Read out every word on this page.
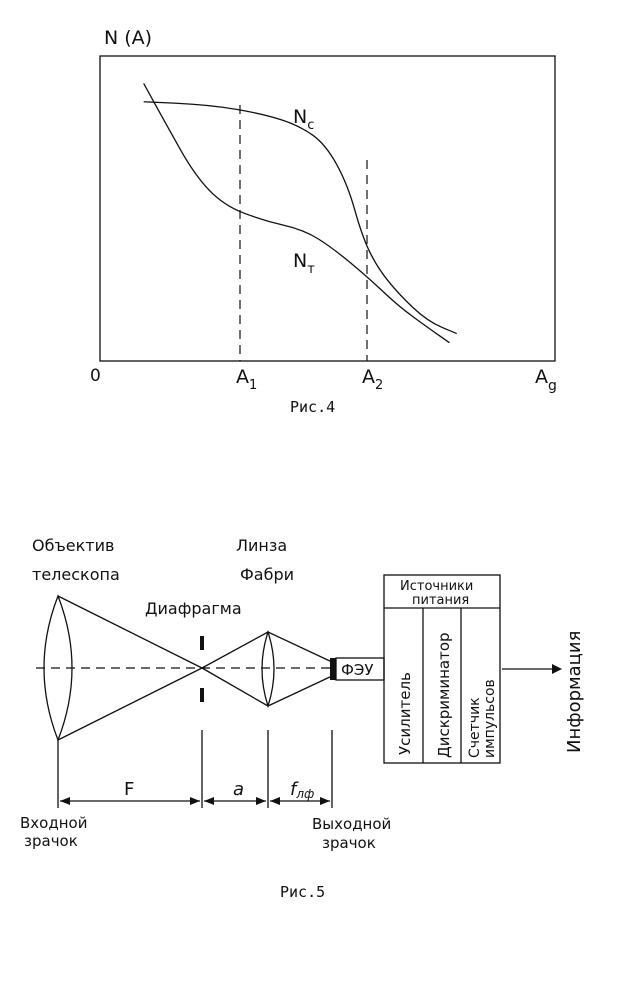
N (A)
$N_c$
$N_т$
0	$A_1$	$A_2$	$A_g$
Рис.4
Объектив
телескопа
Линза
Фабри
Диафрагма
ФЭУ
Источники
питания
Усилитель Дискриминатор Счетчик импульсов	Информация
F	a	fлф
Входной
зрачок
Выходной
зрачок
Рис.5
